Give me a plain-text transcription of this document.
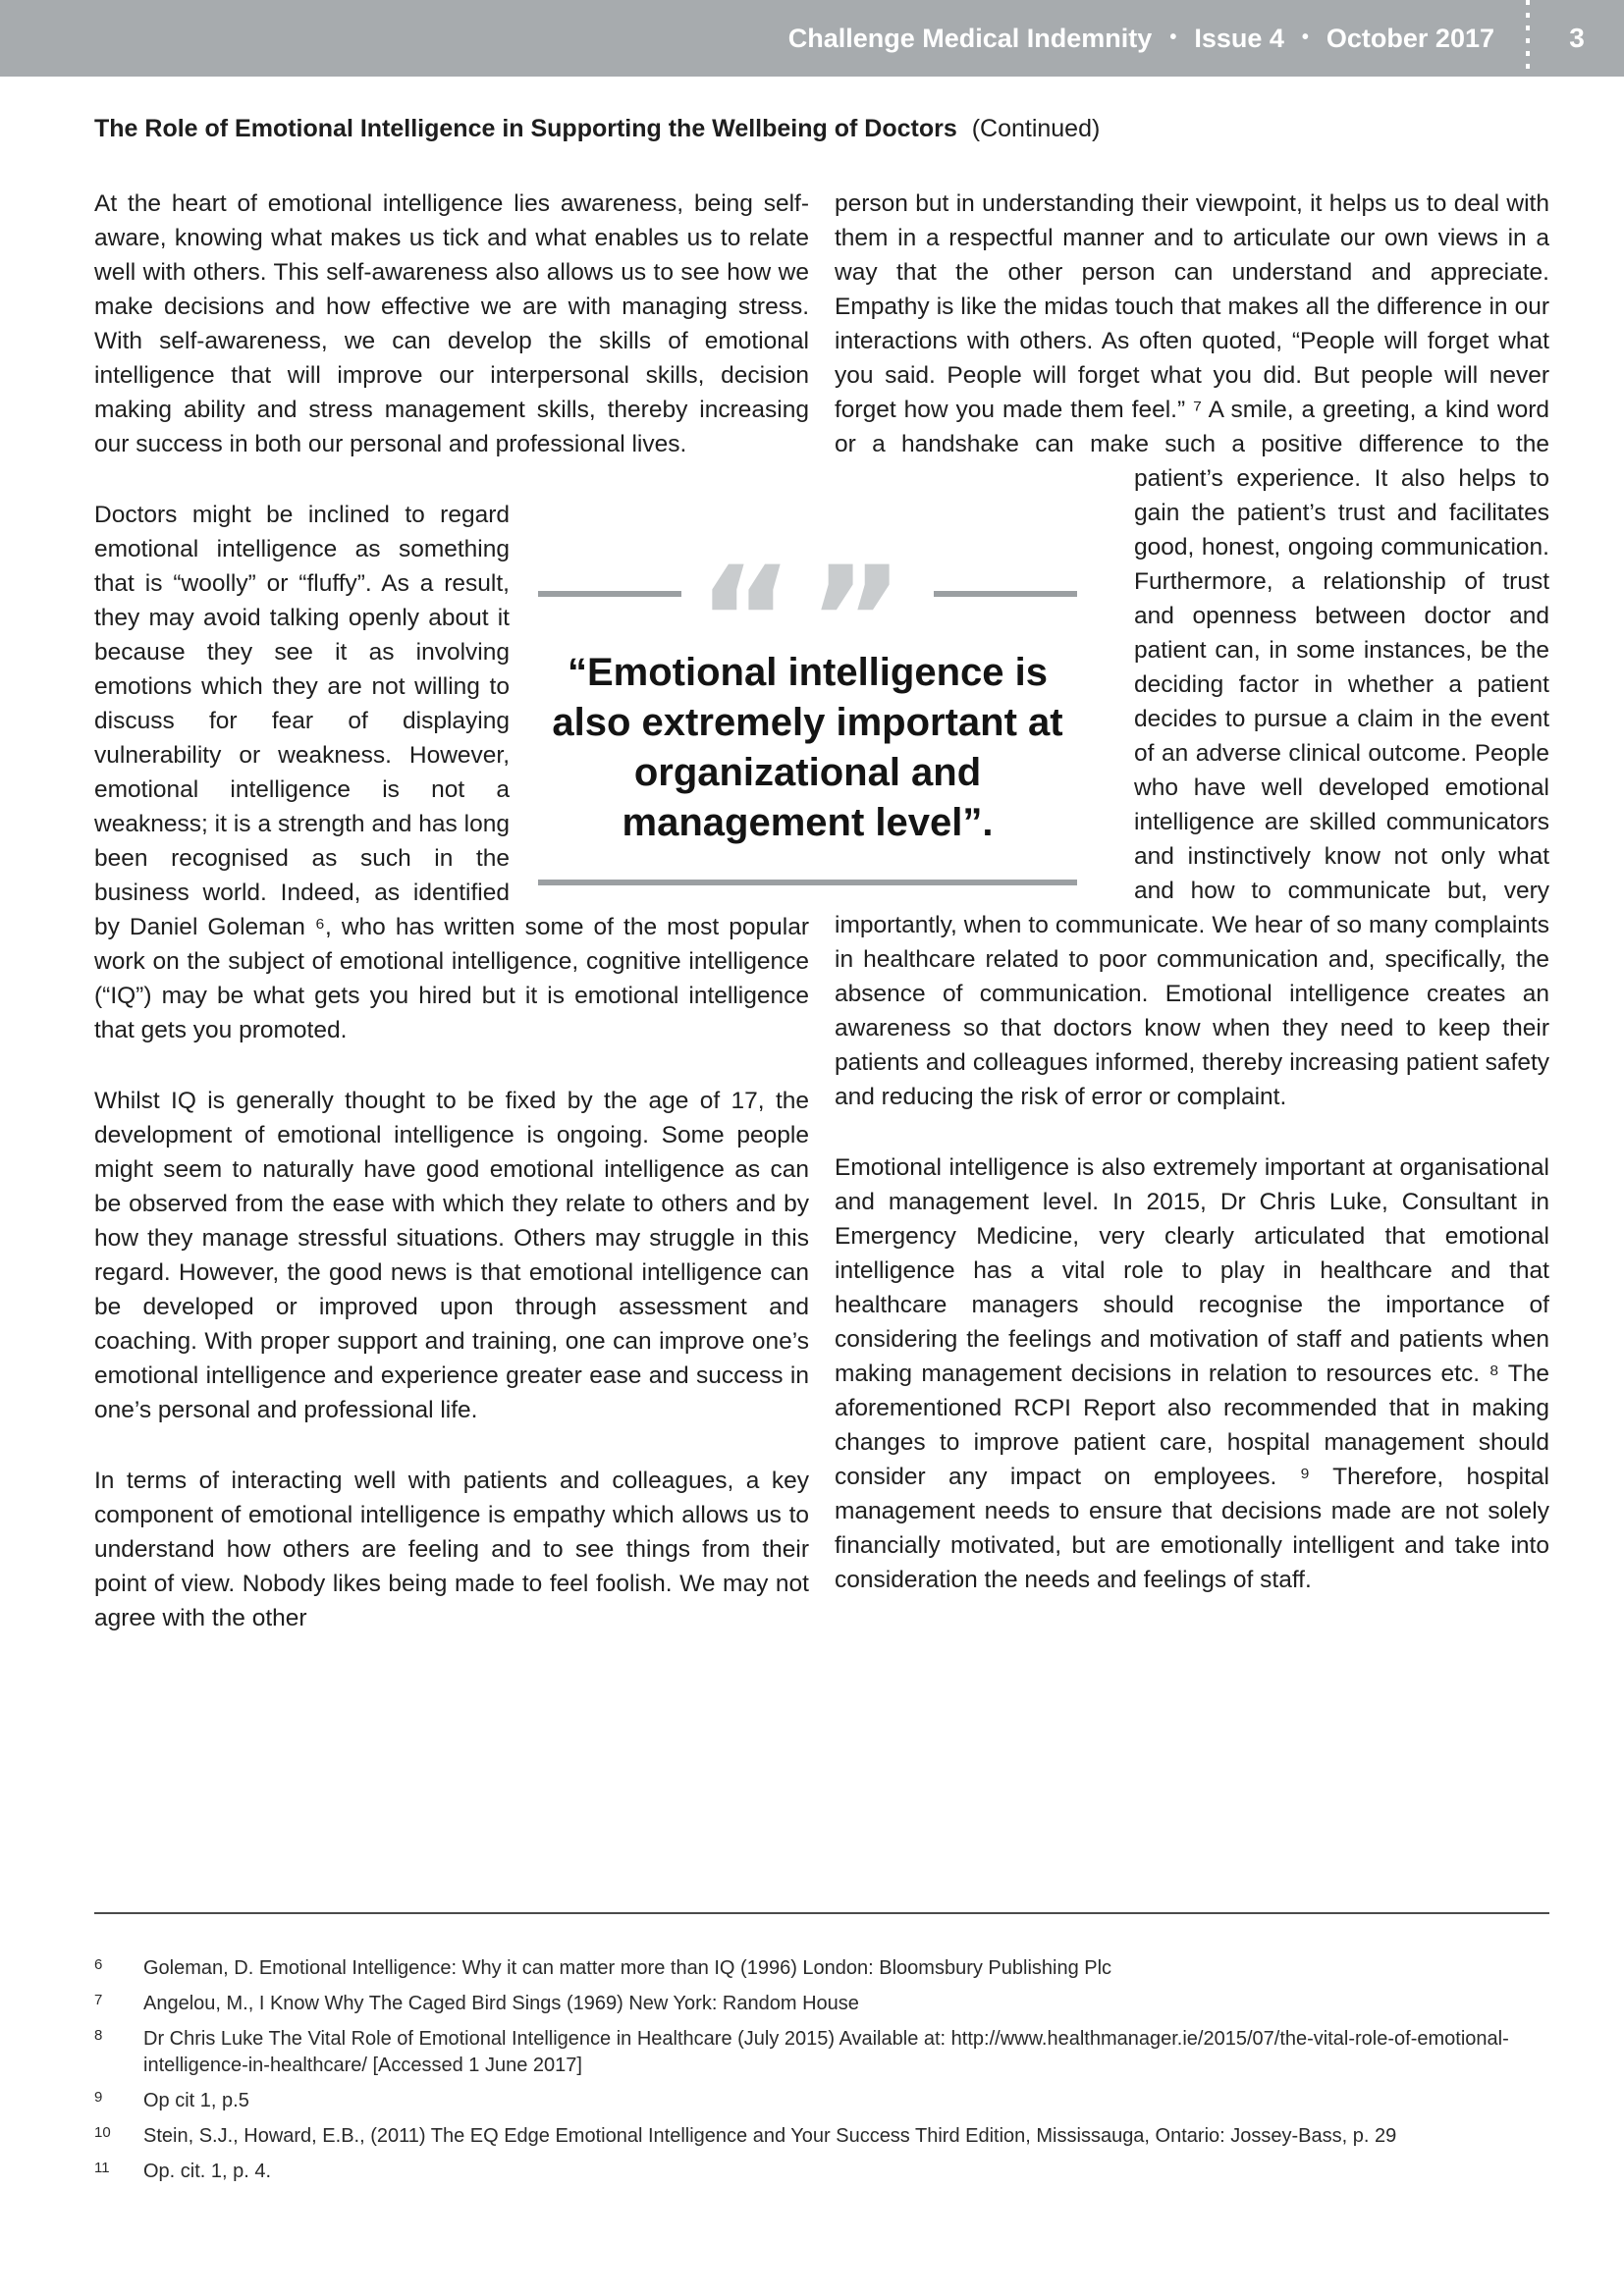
Challenge Medical Indemnity • Issue 4 • October 2017	3
The Role of Emotional Intelligence in Supporting the Wellbeing of Doctors (Continued)

At the heart of emotional intelligence lies awareness, being self-aware, knowing what makes us tick and what enables us to relate well with others. This self-awareness also allows us to see how we make decisions and how effective we are with managing stress. With self-awareness, we can develop the skills of emotional intelligence that will improve our interpersonal skills, decision making ability and stress management skills, thereby increasing our success in both our personal and professional lives.

Doctors might be inclined to regard emotional intelligence as something that is “woolly” or “fluffy”. As a result, they may avoid talking openly about it because they see it as involving emotions which they are not willing to discuss for fear of displaying vulnerability or weakness. However, emotional intelligence is not a weakness; it is a strength and has long been recognised as such in the business world. Indeed, as identified by Daniel Goleman ⁶, who has written some of the most popular work on the subject of emotional intelligence, cognitive intelligence (“IQ”) may be what gets you hired but it is emotional intelligence that gets you promoted.

Whilst IQ is generally thought to be fixed by the age of 17, the development of emotional intelligence is ongoing. Some people might seem to naturally have good emotional intelligence as can be observed from the ease with which they relate to others and by how they manage stressful situations. Others may struggle in this regard. However, the good news is that emotional intelligence can be developed or improved upon through assessment and coaching. With proper support and training, one can improve one’s emotional intelligence and experience greater ease and success in one’s personal and professional life.

In terms of interacting well with patients and colleagues, a key component of emotional intelligence is empathy which allows us to understand how others are feeling and to see things from their point of view. Nobody likes being made to feel foolish. We may not agree with the other

person but in understanding their viewpoint, it helps us to deal with them in a respectful manner and to articulate our own views in a way that the other person can understand and appreciate. Empathy is like the midas touch that makes all the difference in our interactions with others. As often quoted, “People will forget what you said. People will forget what you did. But people will never forget how you made them feel.” ⁷ A smile, a greeting, a kind word or a handshake can make such a positive difference to the

patient’s experience. It also helps to gain the patient’s trust and facilitates good, honest, ongoing communication. Furthermore, a relationship of trust and openness between doctor and patient can, in some instances, be the deciding factor in whether a patient decides to pursue a claim in the event of an adverse clinical outcome. People who have well developed emotional intelligence are skilled communicators and instinctively know not only what and how to communicate but, very importantly, when to communicate. We hear of so many complaints in healthcare related to poor communication and, specifically, the absence of communication. Emotional intelligence creates an awareness so that doctors know when they need to keep their patients and colleagues informed, thereby increasing patient safety and reducing the risk of error or complaint.

Emotional intelligence is also extremely important at organisational and management level. In 2015, Dr Chris Luke, Consultant in Emergency Medicine, very clearly articulated that emotional intelligence has a vital role to play in healthcare and that healthcare managers should recognise the importance of considering the feelings and motivation of staff and patients when making management decisions in relation to resources etc. ⁸ The aforementioned RCPI Report also recommended that in making changes to improve patient care, hospital management should consider any impact on employees. ⁹ Therefore, hospital management needs to ensure that decisions made are not solely financially motivated, but are emotionally intelligent and take into consideration the needs and feelings of staff.

“”
“Emotional intelligence is also extremely important at organizational and management level”.
6	Goleman, D. Emotional Intelligence: Why it can matter more than IQ (1996) London: Bloomsbury Publishing Plc
7	Angelou, M., I Know Why The Caged Bird Sings (1969) New York: Random House
8	Dr Chris Luke The Vital Role of Emotional Intelligence in Healthcare (July 2015) Available at: http://www.healthmanager.ie/2015/07/the-vital-role-of-emotional-intelligence-in-healthcare/ [Accessed 1 June 2017]
9	Op cit 1, p.5
10	Stein, S.J., Howard, E.B., (2011) The EQ Edge Emotional Intelligence and Your Success Third Edition, Mississauga, Ontario: Jossey-Bass, p. 29
11	Op. cit. 1, p. 4.
